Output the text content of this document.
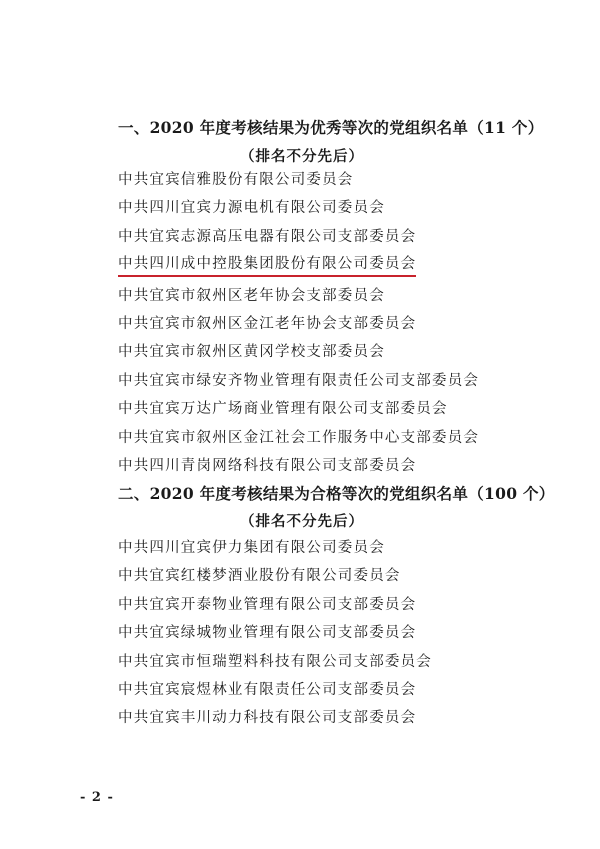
一、2020 年度考核结果为优秀等次的党组织名单（11 个）
（排名不分先后）
中共宜宾信雅股份有限公司委员会
中共四川宜宾力源电机有限公司委员会
中共宜宾志源高压电器有限公司支部委员会
中共四川成中控股集团股份有限公司委员会
中共宜宾市叙州区老年协会支部委员会
中共宜宾市叙州区金江老年协会支部委员会
中共宜宾市叙州区黄冈学校支部委员会
中共宜宾市绿安齐物业管理有限责任公司支部委员会
中共宜宾万达广场商业管理有限公司支部委员会
中共宜宾市叙州区金江社会工作服务中心支部委员会
中共四川青岗网络科技有限公司支部委员会
二、2020 年度考核结果为合格等次的党组织名单（100 个）
（排名不分先后）
中共四川宜宾伊力集团有限公司委员会
中共宜宾红楼梦酒业股份有限公司委员会
中共宜宾开泰物业管理有限公司支部委员会
中共宜宾绿城物业管理有限公司支部委员会
中共宜宾市恒瑞塑料科技有限公司支部委员会
中共宜宾宸煜林业有限责任公司支部委员会
中共宜宾丰川动力科技有限公司支部委员会
- 2 -
